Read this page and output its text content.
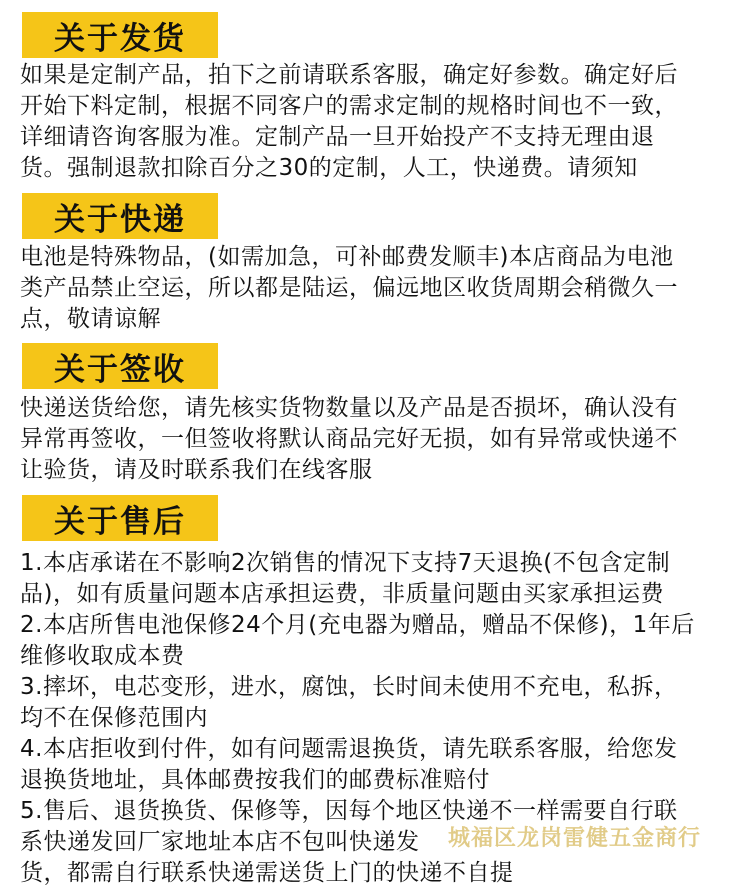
关于发货
如果是定制产品，拍下之前请联系客服，确定好参数。确定好后
开始下料定制，根据不同客户的需求定制的规格时间也不一致，
详细请咨询客服为准。定制产品一旦开始投产不支持无理由退
货。强制退款扣除百分之30的定制，人工，快递费。请须知
关于快递
电池是特殊物品，(如需加急，可补邮费发顺丰)本店商品为电池
类产品禁止空运，所以都是陆运，偏远地区收货周期会稍微久一
点，敬请谅解
关于签收
快递送货给您，请先核实货物数量以及产品是否损坏，确认没有
异常再签收，一但签收将默认商品完好无损，如有异常或快递不
让验货，请及时联系我们在线客服
关于售后
1.本店承诺在不影响2次销售的情况下支持7天退换(不包含定制
品)，如有质量问题本店承担运费，非质量问题由买家承担运费
2.本店所售电池保修24个月(充电器为赠品，赠品不保修)，1年后
维修收取成本费
3.摔坏，电芯变形，进水，腐蚀，长时间未使用不充电，私拆，
均不在保修范围内
4.本店拒收到付件，如有问题需退换货，请先联系客服，给您发
退换货地址，具体邮费按我们的邮费标准赔付
5.售后、退货换货、保修等，因每个地区快递不一样需要自行联
系快递发回厂家地址本店不包叫快递发
货，都需自行联系快递需送货上门的快递不自提
城福区龙岗雷健五金商行
